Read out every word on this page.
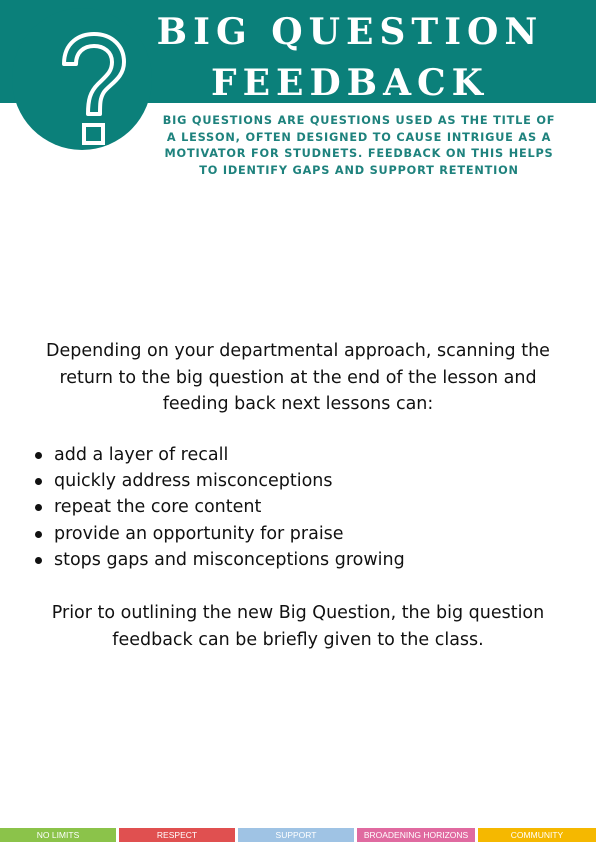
BIG QUESTION
FEEDBACK
BIG QUESTIONS ARE QUESTIONS USED AS THE TITLE OF A LESSON, OFTEN DESIGNED TO CAUSE INTRIGUE AS A MOTIVATOR FOR STUDNETS. FEEDBACK ON THIS HELPS TO IDENTIFY GAPS AND SUPPORT RETENTION
Depending on your departmental approach, scanning the return to the big question at the end of the lesson and feeding back next lessons can:
add a layer of recall
quickly address misconceptions
repeat the core content
provide an opportunity for praise
stops gaps and misconceptions growing
Prior to outlining the new Big Question, the big question feedback can be briefly given to the class.
NO LIMITS	RESPECT	SUPPORT	BROADENING HORIZONS	COMMUNITY
